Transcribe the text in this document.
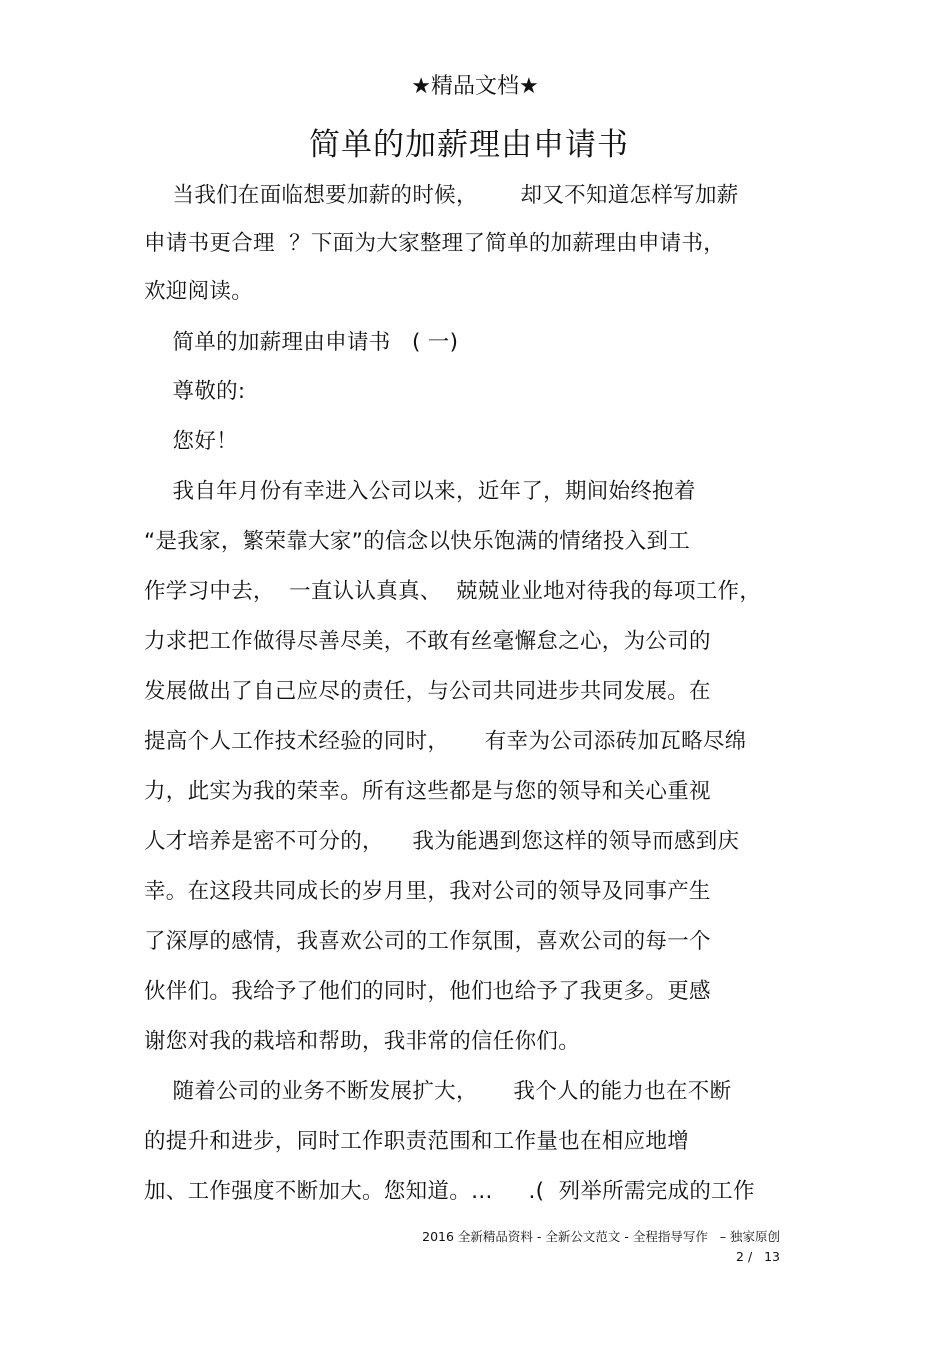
★精品文档★
简单的加薪理由申请书
当我们在面临想要加薪的时候，      却又不知道怎样写加薪
申请书更合理  ？下面为大家整理了简单的加薪理由申请书，
欢迎阅读。
简单的加薪理由申请书   ( 一)
尊敬的:
您好！
我自年月份有幸进入公司以来，近年了，期间始终抱着
“是我家，繁荣靠大家”的信念以快乐饱满的情绪投入到工
作学习中去，  一直认认真真、  兢兢业业地对待我的每项工作，
力求把工作做得尽善尽美，不敢有丝毫懈怠之心，为公司的
发展做出了自己应尽的责任，与公司共同进步共同发展。在
提高个人工作技术经验的同时，     有幸为公司添砖加瓦略尽绵
力，此实为我的荣幸。所有这些都是与您的领导和关心重视
人才培养是密不可分的，    我为能遇到您这样的领导而感到庆
幸。在这段共同成长的岁月里，我对公司的领导及同事产生
了深厚的感情，我喜欢公司的工作氛围，喜欢公司的每一个
伙伴们。我给予了他们的同时，他们也给予了我更多。更感
谢您对我的栽培和帮助，我非常的信任你们。
随着公司的业务不断发展扩大，     我个人的能力也在不断
的提升和进步，同时工作职责范围和工作量也在相应地增
加、工作强度不断加大。您知道。…     .(  列举所需完成的工作
2016 全新精品资料 - 全新公文范文 - 全程指导写作   – 独家原创
2 /   13
